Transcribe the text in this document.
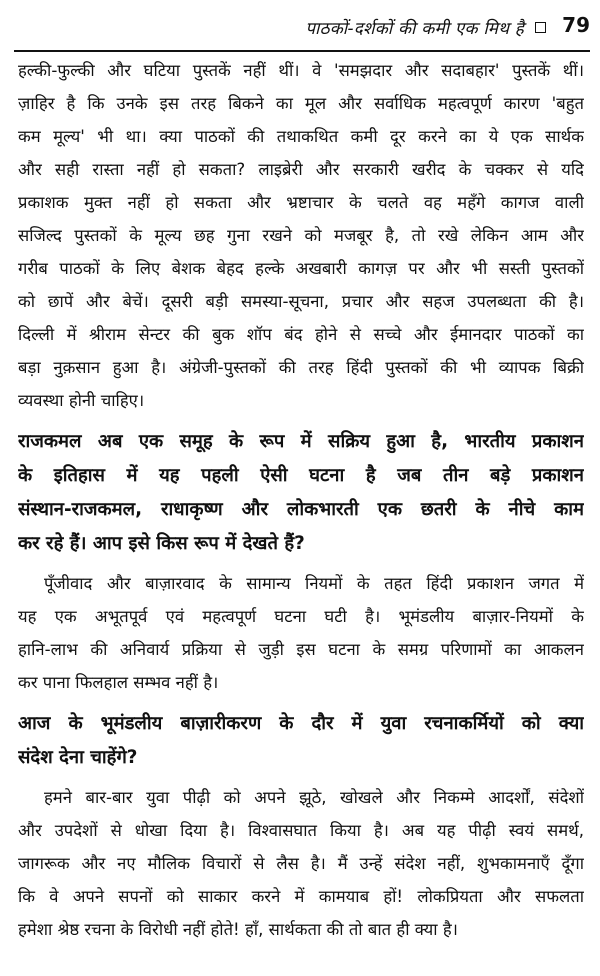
पाठकों-दर्शकों की कमी एक मिथ है 79
हल्की-फुल्की और घटिया पुस्तकें नहीं थीं। वे 'समझदार और सदाबहार' पुस्तकें थीं।
ज़ाहिर है कि उनके इस तरह बिकने का मूल और सर्वाधिक महत्वपूर्ण कारण 'बहुत
कम मूल्य' भी था। क्या पाठकों की तथाकथित कमी दूर करने का ये एक सार्थक
और सही रास्ता नहीं हो सकता? लाइब्रेरी और सरकारी खरीद के चक्कर से यदि
प्रकाशक मुक्त नहीं हो सकता और भ्रष्टाचार के चलते वह महँगे कागज वाली
सजिल्द पुस्तकों के मूल्य छह गुना रखने को मजबूर है, तो रखे लेकिन आम और
गरीब पाठकों के लिए बेशक बेहद हल्के अखबारी कागज़ पर और भी सस्ती पुस्तकों
को छापें और बेचें। दूसरी बड़ी समस्या-सूचना, प्रचार और सहज उपलब्धता की है।
दिल्ली में श्रीराम सेन्टर की बुक शॉप बंद होने से सच्चे और ईमानदार पाठकों का
बड़ा नुक़सान हुआ है। अंग्रेजी-पुस्तकों की तरह हिंदी पुस्तकों की भी व्यापक बिक्री
व्यवस्था होनी चाहिए।
राजकमल अब एक समूह के रूप में सक्रिय हुआ है, भारतीय प्रकाशन
के इतिहास में यह पहली ऐसी घटना है जब तीन बड़े प्रकाशन
संस्थान-राजकमल, राधाकृष्ण और लोकभारती एक छतरी के नीचे काम
कर रहे हैं। आप इसे किस रूप में देखते हैं?
पूँजीवाद और बाज़ारवाद के सामान्य नियमों के तहत हिंदी प्रकाशन जगत में
यह एक अभूतपूर्व एवं महत्वपूर्ण घटना घटी है। भूमंडलीय बाज़ार-नियमों के
हानि-लाभ की अनिवार्य प्रक्रिया से जुड़ी इस घटना के समग्र परिणामों का आकलन
कर पाना फिलहाल सम्भव नहीं है।
आज के भूमंडलीय बाज़ारीकरण के दौर में युवा रचनाकर्मियों को क्या
संदेश देना चाहेंगे?
हमने बार-बार युवा पीढ़ी को अपने झूठे, खोखले और निकम्मे आदर्शों, संदेशों
और उपदेशों से धोखा दिया है। विश्वासघात किया है। अब यह पीढ़ी स्वयं समर्थ,
जागरूक और नए मौलिक विचारों से लैस है। मैं उन्हें संदेश नहीं, शुभकामनाएँ दूँगा
कि वे अपने सपनों को साकार करने में कामयाब हों! लोकप्रियता और सफलता
हमेशा श्रेष्ठ रचना के विरोधी नहीं होते! हाँ, सार्थकता की तो बात ही क्या है।
